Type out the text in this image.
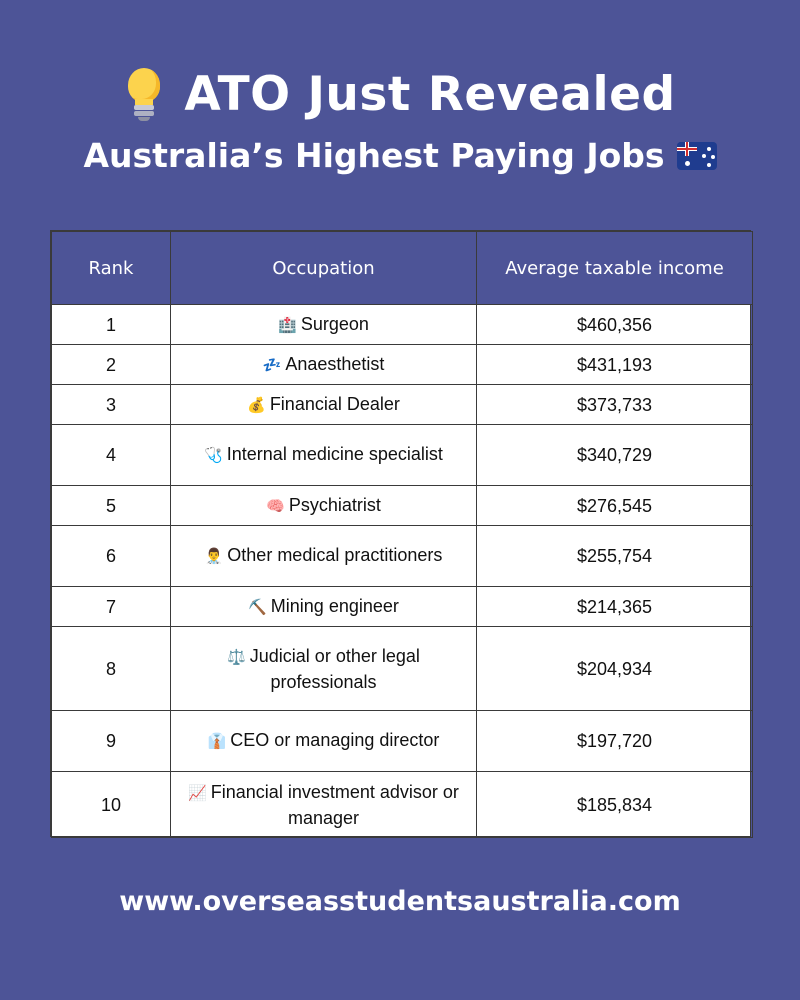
ATO Just Revealed
Australia’s Highest Paying Jobs
Rank	Occupation	Average taxable income
1	🏥 Surgeon	$460,356
2	💤 Anaesthetist	$431,193
3	💰 Financial Dealer	$373,733
4	🩺 Internal medicine specialist	$340,729
5	🧠 Psychiatrist	$276,545
6	👨‍⚕️ Other medical practitioners	$255,754
7	⛏️ Mining engineer	$214,365
8	⚖️ Judicial or other legal professionals	$204,934
9	👔 CEO or managing director	$197,720
10	📈 Financial investment advisor or manager	$185,834
www.overseasstudentsaustralia.com
